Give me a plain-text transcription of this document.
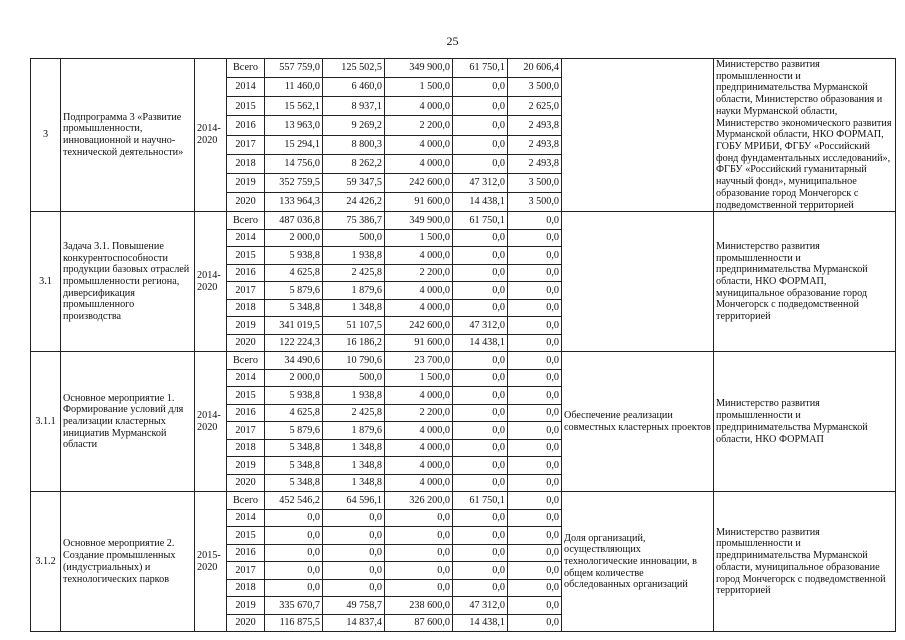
25
3	Подпрограмма 3 «Развитие промышленности, инновационной и научно-технической деятельности»	2014-2020	Всего	557 759,0	125 502,5	349 900,0	61 750,1	20 606,4		Министерство развития промышленности и предпринимательства Мурманской области, Министерство образования и науки Мурманской области, Министерство экономического развития Мурманской области, НКО ФОРМАП, ГОБУ МРИБИ, ФГБУ «Российский фонд фундаментальных исследований», ФГБУ «Российский гуманитарный научный фонд», муниципальное образование город Мончегорск с подведомственной территорией
			2014	11 460,0	6 460,0	1 500,0	0,0	3 500,0		
			2015	15 562,1	8 937,1	4 000,0	0,0	2 625,0		
			2016	13 963,0	9 269,2	2 200,0	0,0	2 493,8		
			2017	15 294,1	8 800,3	4 000,0	0,0	2 493,8		
			2018	14 756,0	8 262,2	4 000,0	0,0	2 493,8		
			2019	352 759,5	59 347,5	242 600,0	47 312,0	3 500,0		
			2020	133 964,3	24 426,2	91 600,0	14 438,1	3 500,0		
3.1	Задача 3.1. Повышение конкурентоспособности продукции базовых отраслей промышленности региона, диверсификация промышленного производства	2014-2020	Всего	487 036,8	75 386,7	349 900,0	61 750,1	0,0		Министерство развития промышленности и предпринимательства Мурманской области, НКО ФОРМАП, муниципальное образование город Мончегорск с подведомственной территорией
			2014	2 000,0	500,0	1 500,0	0,0	0,0		
			2015	5 938,8	1 938,8	4 000,0	0,0	0,0		
			2016	4 625,8	2 425,8	2 200,0	0,0	0,0		
			2017	5 879,6	1 879,6	4 000,0	0,0	0,0		
			2018	5 348,8	1 348,8	4 000,0	0,0	0,0		
			2019	341 019,5	51 107,5	242 600,0	47 312,0	0,0		
			2020	122 224,3	16 186,2	91 600,0	14 438,1	0,0		
3.1.1	Основное мероприятие 1. Формирование условий для реализации кластерных инициатив Мурманской области	2014-2020	Всего	34 490,6	10 790,6	23 700,0	0,0	0,0	Обеспечение реализации совместных кластерных проектов	Министерство развития промышленности и предпринимательства Мурманской области, НКО ФОРМАП
			2014	2 000,0	500,0	1 500,0	0,0	0,0		
			2015	5 938,8	1 938,8	4 000,0	0,0	0,0		
			2016	4 625,8	2 425,8	2 200,0	0,0	0,0		
			2017	5 879,6	1 879,6	4 000,0	0,0	0,0		
			2018	5 348,8	1 348,8	4 000,0	0,0	0,0		
			2019	5 348,8	1 348,8	4 000,0	0,0	0,0		
			2020	5 348,8	1 348,8	4 000,0	0,0	0,0		
3.1.2	Основное мероприятие 2. Создание промышленных (индустриальных) и технологических парков	2015-2020	Всего	452 546,2	64 596,1	326 200,0	61 750,1	0,0	Доля организаций, осуществляющих технологические инновации, в общем количестве обследованных организаций	Министерство развития промышленности и предпринимательства Мурманской области, муниципальное образование город Мончегорск с подведомственной территорией
			2014	0,0	0,0	0,0	0,0	0,0		
			2015	0,0	0,0	0,0	0,0	0,0		
			2016	0,0	0,0	0,0	0,0	0,0		
			2017	0,0	0,0	0,0	0,0	0,0		
			2018	0,0	0,0	0,0	0,0	0,0		
			2019	335 670,7	49 758,7	238 600,0	47 312,0	0,0		
			2020	116 875,5	14 837,4	87 600,0	14 438,1	0,0		
